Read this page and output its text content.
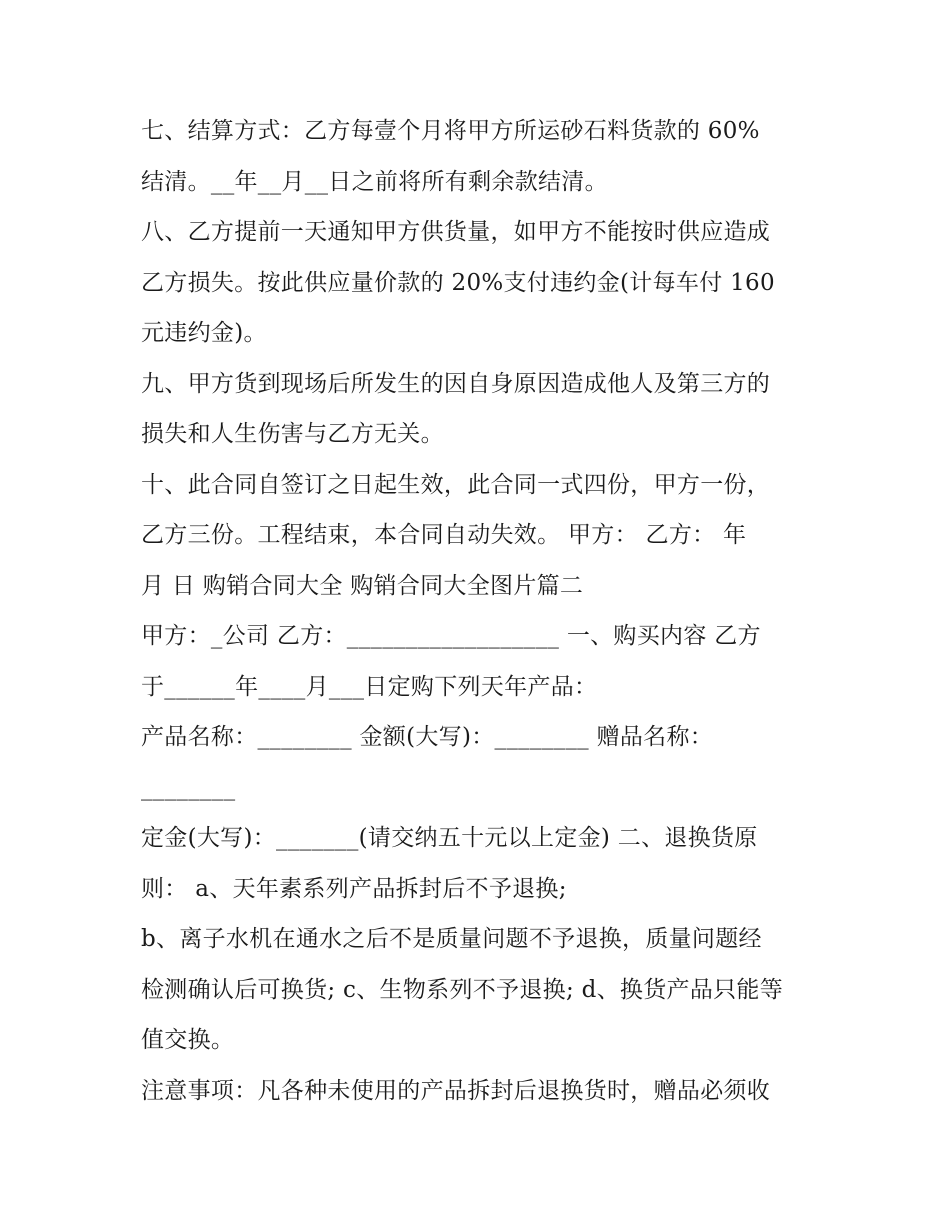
七、结算方式：乙方每壹个月将甲方所运砂石料货款的 60%
结清。__年__月__日之前将所有剩余款结清。
八、乙方提前一天通知甲方供货量，如甲方不能按时供应造成
乙方损失。按此供应量价款的 20%支付违约金(计每车付 160
元违约金)。
九、甲方货到现场后所发生的因自身原因造成他人及第三方的
损失和人生伤害与乙方无关。
十、此合同自签订之日起生效，此合同一式四份，甲方一份，
乙方三份。工程结束，本合同自动失效。 甲方： 乙方： 年
月 日 购销合同大全 购销合同大全图片篇二
甲方：_公司 乙方：__________________ 一、购买内容 乙方
于______年____月___日定购下列天年产品：
产品名称：________ 金额(大写)：________ 赠品名称：
________
定金(大写)：_______(请交纳五十元以上定金) 二、退换货原
则： a、天年素系列产品拆封后不予退换;
b、离子水机在通水之后不是质量问题不予退换，质量问题经
检测确认后可换货; c、生物系列不予退换; d、换货产品只能等
值交换。
注意事项：凡各种未使用的产品拆封后退换货时，赠品必须收
